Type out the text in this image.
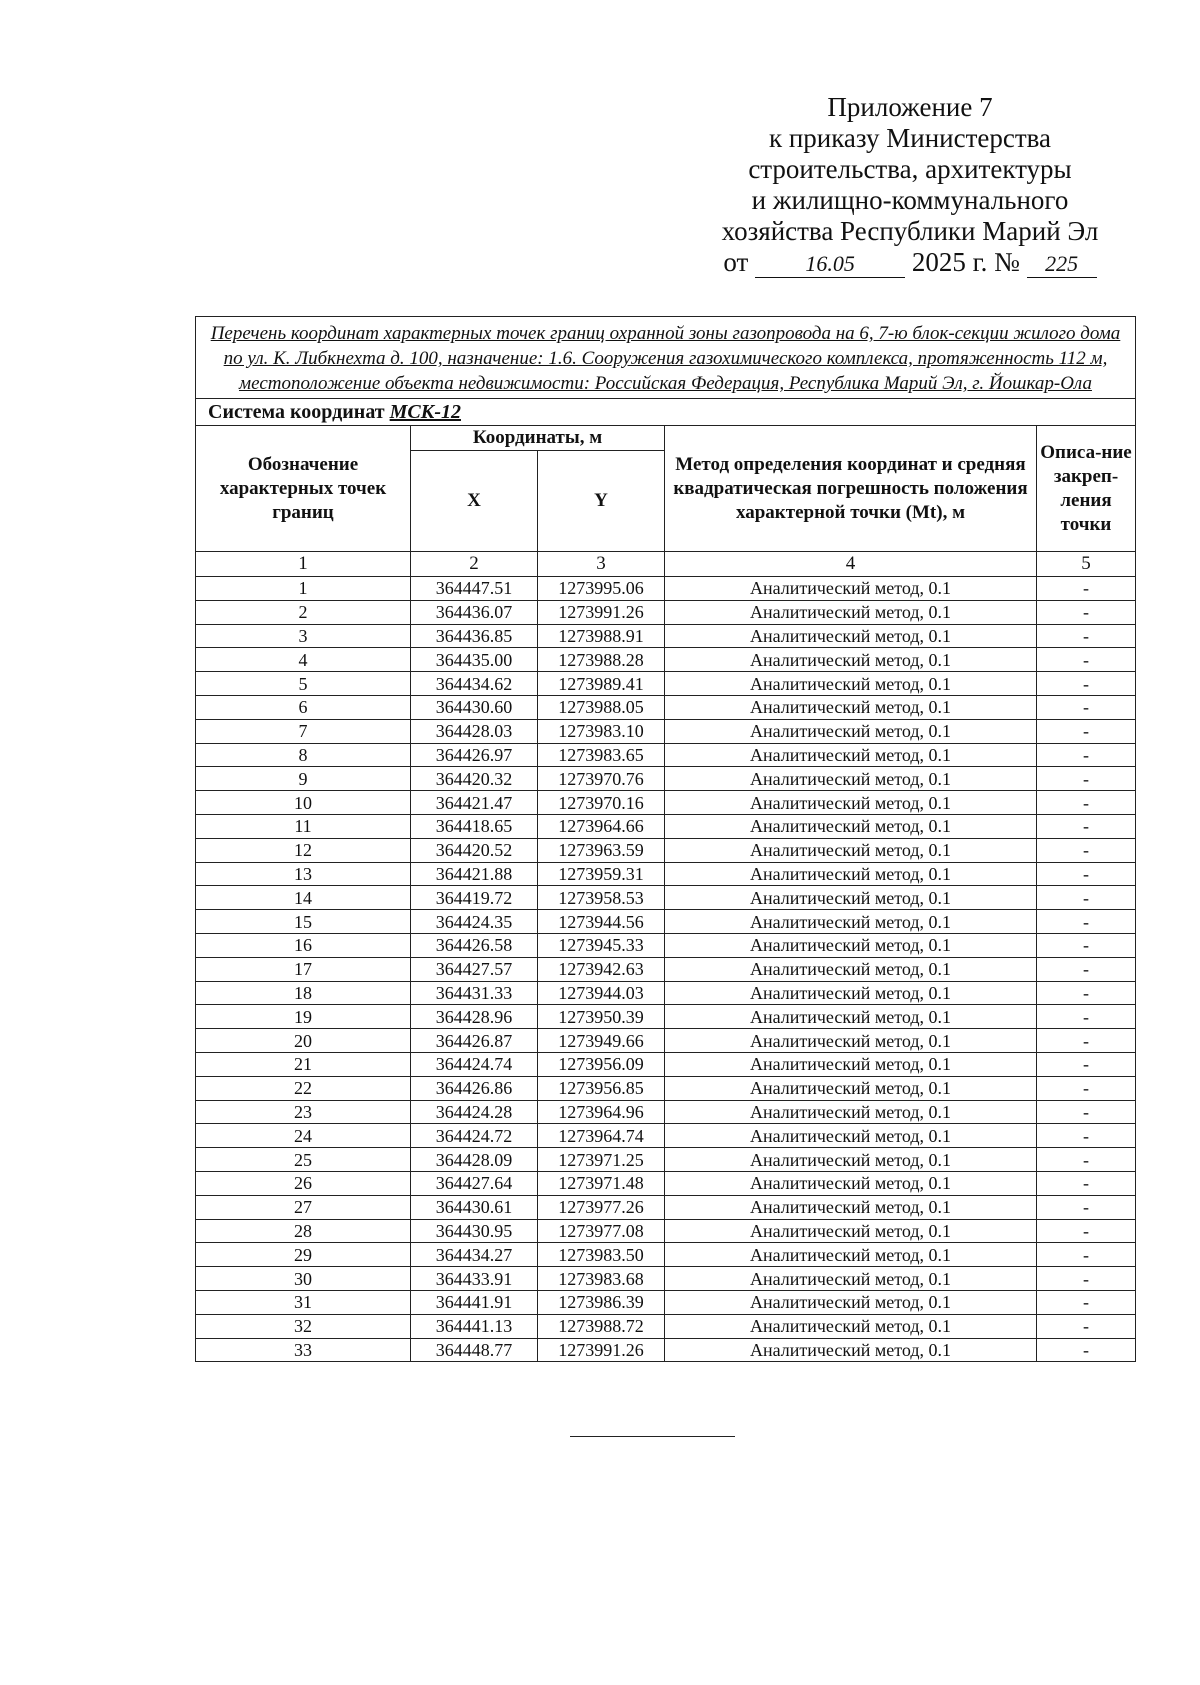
Приложение 7
к приказу Министерства
строительства, архитектуры
и жилищно-коммунального
хозяйства Республики Марий Эл
от	16.05 2025 г. № 225
Перечень координат характерных точек границ охранной зоны газопровода на 6, 7-ю блок-секции жилого дома по ул. К. Либкнехта д. 100, назначение: 1.6. Сооружения газохимического комплекса, протяженность 112 м, местоположение объекта недвижимости: Российская Федерация, Республика Марий Эл, г. Йошкар-Ола				
Система координат МСК-12				
Обозначение характерных точек границ	Координаты, м		Метод определения координат и средняя квадратическая погрешность положения характерной точки (Mt), м	Описа-ние закреп-ления точки
	X	Y		
1	2	3	4	5
1	364447.51	1273995.06	Аналитический метод, 0.1	-
2	364436.07	1273991.26	Аналитический метод, 0.1	-
3	364436.85	1273988.91	Аналитический метод, 0.1	-
4	364435.00	1273988.28	Аналитический метод, 0.1	-
5	364434.62	1273989.41	Аналитический метод, 0.1	-
6	364430.60	1273988.05	Аналитический метод, 0.1	-
7	364428.03	1273983.10	Аналитический метод, 0.1	-
8	364426.97	1273983.65	Аналитический метод, 0.1	-
9	364420.32	1273970.76	Аналитический метод, 0.1	-
10	364421.47	1273970.16	Аналитический метод, 0.1	-
11	364418.65	1273964.66	Аналитический метод, 0.1	-
12	364420.52	1273963.59	Аналитический метод, 0.1	-
13	364421.88	1273959.31	Аналитический метод, 0.1	-
14	364419.72	1273958.53	Аналитический метод, 0.1	-
15	364424.35	1273944.56	Аналитический метод, 0.1	-
16	364426.58	1273945.33	Аналитический метод, 0.1	-
17	364427.57	1273942.63	Аналитический метод, 0.1	-
18	364431.33	1273944.03	Аналитический метод, 0.1	-
19	364428.96	1273950.39	Аналитический метод, 0.1	-
20	364426.87	1273949.66	Аналитический метод, 0.1	-
21	364424.74	1273956.09	Аналитический метод, 0.1	-
22	364426.86	1273956.85	Аналитический метод, 0.1	-
23	364424.28	1273964.96	Аналитический метод, 0.1	-
24	364424.72	1273964.74	Аналитический метод, 0.1	-
25	364428.09	1273971.25	Аналитический метод, 0.1	-
26	364427.64	1273971.48	Аналитический метод, 0.1	-
27	364430.61	1273977.26	Аналитический метод, 0.1	-
28	364430.95	1273977.08	Аналитический метод, 0.1	-
29	364434.27	1273983.50	Аналитический метод, 0.1	-
30	364433.91	1273983.68	Аналитический метод, 0.1	-
31	364441.91	1273986.39	Аналитический метод, 0.1	-
32	364441.13	1273988.72	Аналитический метод, 0.1	-
33	364448.77	1273991.26	Аналитический метод, 0.1	-
